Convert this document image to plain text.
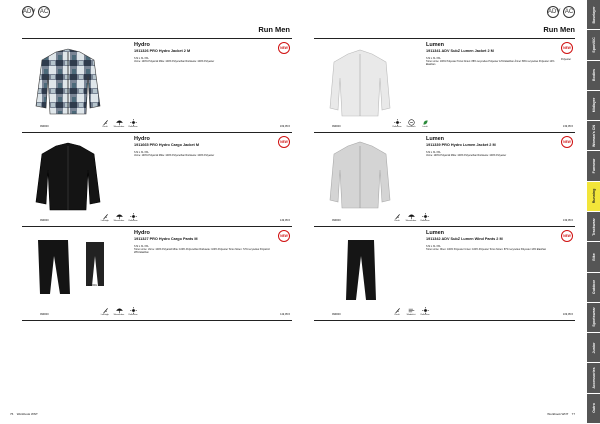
ADV AC
Run Men
Hydro
1911326 PRO Hydro Jacket 2 M
S M L XL XXL
Vorne: 100% Polyamid Mitte: 100% Polyurethan Rückseite: 100% Polyester
NEW
Leicht	Wasserabw. Reflektion
999000	169,95 €
Hydro
1911665 PRO Hydro Cargo Jacket M
S M L XL XXL
Vorne: 100% Polyamid Mitte: 100% Polyurethan Rückseite: 100% Polyester
NEW
Leichtigk. Wasserabw. Reflektion
999000	149,95 €
370000L
Hydro
1911327 PRO Hydro Cargo Pants M
S M L XL XXL
Torso vorne: Vorne: 100% Polyamid Mitte: 100% Polyurethan Rückseite: 100% Polyester Torso hinten: 72% recyceltes Polyamid 28% Elasthan
NEW
Leichtigk. Wasserabw. Reflektion
999000	119,95 €
76 Workbook WNT
ADV AC
Run Men
Lumen
1911341 ADV SubZ Lumen Jacket 2 M
S M L XL XXL
Torso vorne: 100% Polyester Torso hinten: 88% recyceltes Polyester 12% Elasthan Ärmel: 86% recyceltes Polyester 14% Elasthan
Polyester
NEW
Reflektion Thermisch	Leicht
999000	139,95 €
Lumen
1911339 PRO Hydro Lumen Jacket 2 M
S M L XL XXL
Vorne: 100% Polyamid Mitte: 100% Polyurethan Rückseite: 100% Polyester
NEW
Leicht	Wasserabw. Reflektion
999000	139,95 €
Lumen
1911342 ADV SubZ Lumen Wind Pants 2 M
S M L XL XXL
Torso vorne: Oben: 100% Polyester Unten: 100% Polyester Torso hinten: 87% recyceltes Polyester 13% Elasthan
NEW
Leicht	Winddicht	Reflektion
999000	109,95 €
Workbook WNT 77
Baselayer
Sport/XC
Bodies
Midlayer
Woman's CN
Funwear
Running
Trackwear
Bike
Outdoor
Sportswear
Junior
Accessories
Outro
